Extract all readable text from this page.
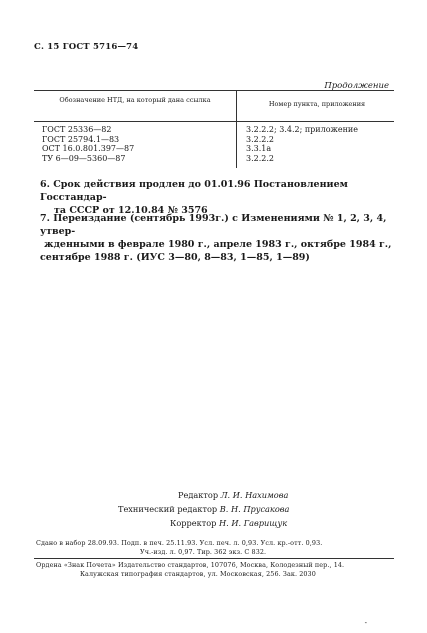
С. 15 ГОСТ 5716—74
Продолжение
Обозначение НТД, на который дана ссылка	Номер пункта, приложения
ГОСТ 25336—82	3.2.2.2; 3.4.2; приложение
ГОСТ 25794.1—83	3.2.2.2
ОСТ 16.0.801.397—87	3.3.1а
ТУ 6—09—5360—87	3.2.2.2

6. Срок действия продлен до 01.01.96 Постановлением Госстандар-

та СССР от 12.10.84 № 3576

7. Переиздание (сентябрь 1993г.) с Изменениями № 1, 2, 3, 4, утвер-

жденными в феврале 1980 г., апреле 1983 г., октябре 1984 г.,

сентябре 1988 г. (ИУС 3—80, 8—83, 1—85, 1—89)

Редактор Л. И. Нахимова
Технический редактор В. Н. Прусакова
Корректор Н. И. Гаврищук
Сдано в набор 28.09.93. Подп. в печ. 25.11.93. Усл. печ. л. 0,93. Усл. кр.-отт. 0,93.
Уч.-изд. л. 0,97. Тир. 362 экз. С 832.
Ордена «Знак Почета» Издательство стандартов, 107076, Москва, Колодезный пер., 14.
Калужская типография стандартов, ул. Московская, 256. Зак. 2030
-
